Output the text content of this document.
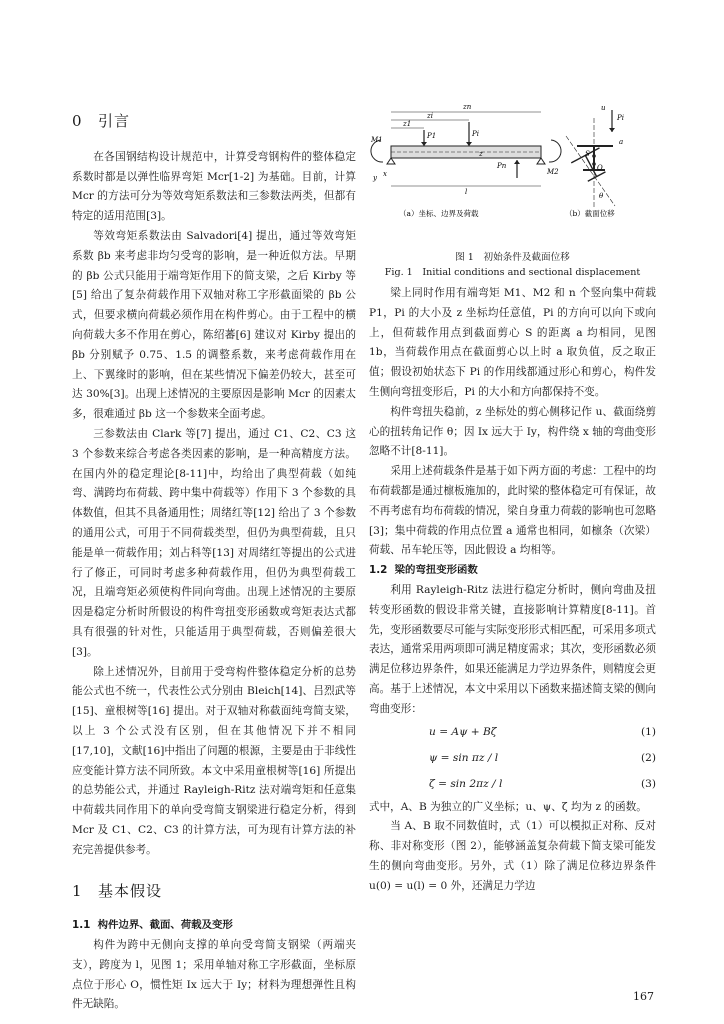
0 引言

在各国钢结构设计规范中，计算受弯钢构件的整体稳定系数时都是以弹性临界弯矩 Mcr[1-2] 为基础。目前，计算 Mcr 的方法可分为等效弯矩系数法和三参数法两类，但都有特定的适用范围[3]。

等效弯矩系数法由 Salvadori[4] 提出，通过等效弯矩系数 βb 来考虑非均匀受弯的影响，是一种近似方法。早期的 βb 公式只能用于端弯矩作用下的简支梁，之后 Kirby 等[5] 给出了复杂荷载作用下双轴对称工字形截面梁的 βb 公式，但要求横向荷载必须作用在构件剪心。由于工程中的横向荷载大多不作用在剪心，陈绍蕃[6] 建议对 Kirby 提出的 βb 分别赋予 0.75、1.5 的调整系数，来考虑荷载作用在上、下翼缘时的影响，但在某些情况下偏差仍较大，甚至可达 30%[3]。出现上述情况的主要原因是影响 Mcr 的因素太多，很难通过 βb 这一个参数来全面考虑。

三参数法由 Clark 等[7] 提出，通过 C1、C2、C3 这 3 个参数来综合考虑各类因素的影响，是一种高精度方法。在国内外的稳定理论[8-11]中，均给出了典型荷载（如纯弯、满跨均布荷载、跨中集中荷载等）作用下 3 个参数的具体数值，但其不具备通用性；周绪红等[12] 给出了 3 个参数的通用公式，可用于不同荷载类型，但仍为典型荷载，且只能是单一荷载作用；刘占科等[13] 对周绪红等提出的公式进行了修正，可同时考虑多种荷载作用，但仍为典型荷载工况，且端弯矩必须使构件同向弯曲。出现上述情况的主要原因是稳定分析时所假设的构件弯扭变形函数或弯矩表达式都具有很强的针对性，只能适用于典型荷载，否则偏差很大[3]。

除上述情况外，目前用于受弯构件整体稳定分析的总势能公式也不统一，代表性公式分别由 Bleich[14]、吕烈武等[15]、童根树等[16] 提出。对于双轴对称截面纯弯简支梁，以上 3 个公式没有区别，但在其他情况下并不相同[17,10]，文献[16]中指出了问题的根源，主要是由于非线性应变能计算方法不同所致。本文中采用童根树等[16] 所提出的总势能公式，并通过 Rayleigh-Ritz 法对端弯矩和任意集中荷载共同作用下的单向受弯简支钢梁进行稳定分析，得到 Mcr 及 C1、C2、C3 的计算方法，可为现有计算方法的补充完善提供参考。

1 基本假设
1.1 构件边界、截面、荷载及变形

构件为跨中无侧向支撑的单向受弯简支钢梁（两端夹支），跨度为 l，见图 1；采用单轴对称工字形截面，坐标原点位于形心 O，惯性矩 Ix 远大于 Iy；材料为理想弹性且构件无缺陷。

M1
M2
P1	Pi
Pn
zn
zi
z1
l
z
y x
u
Pi
S
O
a
θ
（a）坐标、边界及荷载	（b）截面位移

图 1　初始条件及截面位移

Fig. 1　Initial conditions and sectional displacement

梁上同时作用有端弯矩 M1、M2 和 n 个竖向集中荷载 P1，Pi 的大小及 z 坐标均任意值，Pi 的方向可以向下或向上，但荷载作用点到截面剪心 S 的距离 a 均相同，见图 1b，当荷载作用点在截面剪心以上时 a 取负值，反之取正值；假设初始状态下 Pi 的作用线都通过形心和剪心，构件发生侧向弯扭变形后，Pi 的大小和方向都保持不变。

构件弯扭失稳前，z 坐标处的剪心侧移记作 u、截面绕剪心的扭转角记作 θ；因 Ix 远大于 Iy，构件绕 x 轴的弯曲变形忽略不计[8-11]。

采用上述荷载条件是基于如下两方面的考虑：工程中的均布荷载都是通过檩板施加的，此时梁的整体稳定可有保证，故不再考虑有均布荷载的情况，梁自身重力荷载的影响也可忽略[3]；集中荷载的作用点位置 a 通常也相同，如檩条（次梁）荷载、吊车轮压等，因此假设 a 均相等。

1.2 梁的弯扭变形函数

利用 Rayleigh-Ritz 法进行稳定分析时，侧向弯曲及扭转变形函数的假设非常关键，直接影响计算精度[8-11]。首先，变形函数要尽可能与实际变形形式相匹配，可采用多项式表达，通常采用两项即可满足精度需求；其次，变形函数必须满足位移边界条件，如果还能满足力学边界条件，则精度会更高。基于上述情况，本文中采用以下函数来描述简支梁的侧向弯曲变形：

u = Aψ + Bζ	(1)
ψ = sin πz / l	(2)
ζ = sin 2πz / l	(3)

式中，A、B 为独立的广义坐标；u、ψ、ζ 均为 z 的函数。

当 A、B 取不同数值时，式（1）可以模拟正对称、反对称、非对称变形（图 2），能够涵盖复杂荷载下简支梁可能发生的侧向弯曲变形。另外，式（1）除了满足位移边界条件 u(0) = u(l) = 0 外，还满足力学边

167
